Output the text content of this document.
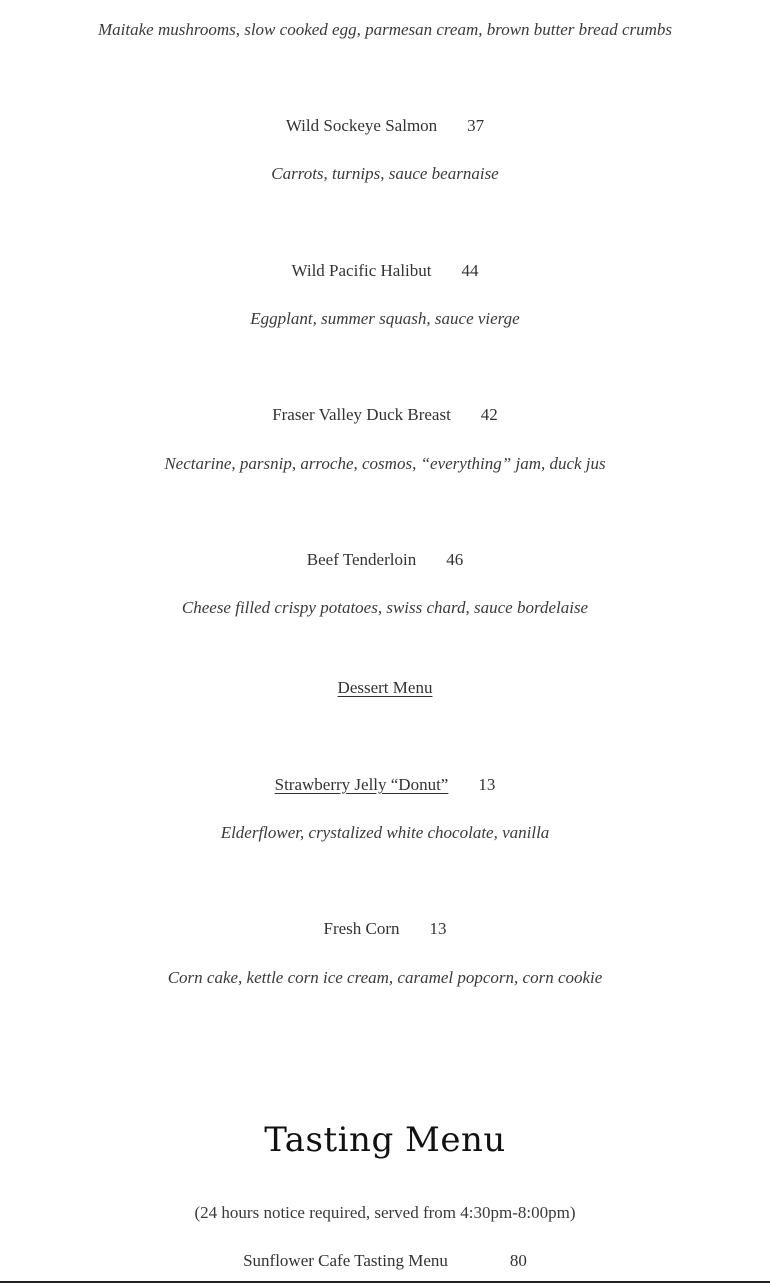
Maitake mushrooms, slow cooked egg, parmesan cream, brown butter bread crumbs
Wild Sockeye Salmon 37
Carrots, turnips, sauce bearnaise
Wild Pacific Halibut 44
Eggplant, summer squash, sauce vierge
Fraser Valley Duck Breast 42
Nectarine, parsnip, arroche, cosmos, “everything” jam, duck jus
Beef Tenderloin 46
Cheese filled crispy potatoes, swiss chard, sauce bordelaise
Dessert Menu
Strawberry Jelly “Donut” 13
Elderflower, crystalized white chocolate, vanilla
Fresh Corn 13
Corn cake, kettle corn ice cream, caramel popcorn, corn cookie
Tasting Menu
(24 hours notice required, served from 4:30pm-8:00pm)
Sunflower Cafe Tasting Menu	80
